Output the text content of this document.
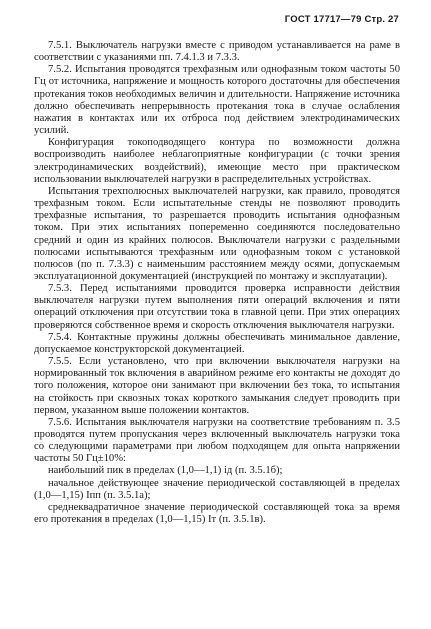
ГОСТ 17717—79 Стр. 27

7.5.1. Выключатель нагрузки вместе с приводом устанавливается на раме в соответствии с указаниями пп. 7.4.1.3 и 7.3.3.

7.5.2. Испытания проводятся трехфазным или однофазным током частоты 50 Гц от источника, напряжение и мощность которого достаточны для обеспечения протекания токов необходимых величин и длительности. Напряжение источника должно обеспечивать непрерывность протекания тока в случае ослабления нажатия в контактах или их отброса под действием электродинамических усилий.

Конфигурация токоподводящего контура по возможности должна воспроизводить наиболее неблагоприятные конфигурации (с точки зрения электродинамических воздействий), имеющие место при практическом использовании выключателей нагрузки в распределительных устройствах.

Испытания трехполюсных выключателей нагрузки, как правило, проводятся трехфазным током. Если испытательные стенды не позволяют проводить трехфазные испытания, то разрешается проводить испытания однофазным током. При этих испытаниях попеременно соединяются последовательно средний и один из крайних полюсов. Выключатели нагрузки с раздельными полюсами испытываются трехфазным или однофазным током с установкой полюсов (по п. 7.3.3) с наименьшим расстоянием между осями, допускаемым эксплуатационной документацией (инструкцией по монтажу и эксплуатации).

7.5.3. Перед испытаниями проводится проверка исправности действия выключателя нагрузки путем выполнения пяти операций включения и пяти операций отключения при отсутствии тока в главной цепи. При этих операциях проверяются собственное время и скорость отключения выключателя нагрузки.

7.5.4. Контактные пружины должны обеспечивать минимальное давление, допускаемое конструкторской документацией.

7.5.5. Если установлено, что при включении выключателя нагрузки на нормированный ток включения в аварийном режиме его контакты не доходят до того положения, которое они занимают при включении без тока, то испытания на стойкость при сквозных токах короткого замыкания следует проводить при первом, указанном выше положении контактов.

7.5.6. Испытания выключателя нагрузки на соответствие требованиям п. 3.5 проводятся путем пропускания через включенный выключатель нагрузки тока со следующими параметрами при любом подходящем для опыта напряжении частоты 50 Гц±10%:

наибольший пик в пределах (1,0—1,1) iд (п. 3.5.1б);

начальное действующее значение периодической составляющей в пределах (1,0—1,15) Iпп (п. 3.5.1а);

среднеквадратичное значение периодической составляющей тока за время его протекания в пределах (1,0—1,15) Iт (п. 3.5.1в).
